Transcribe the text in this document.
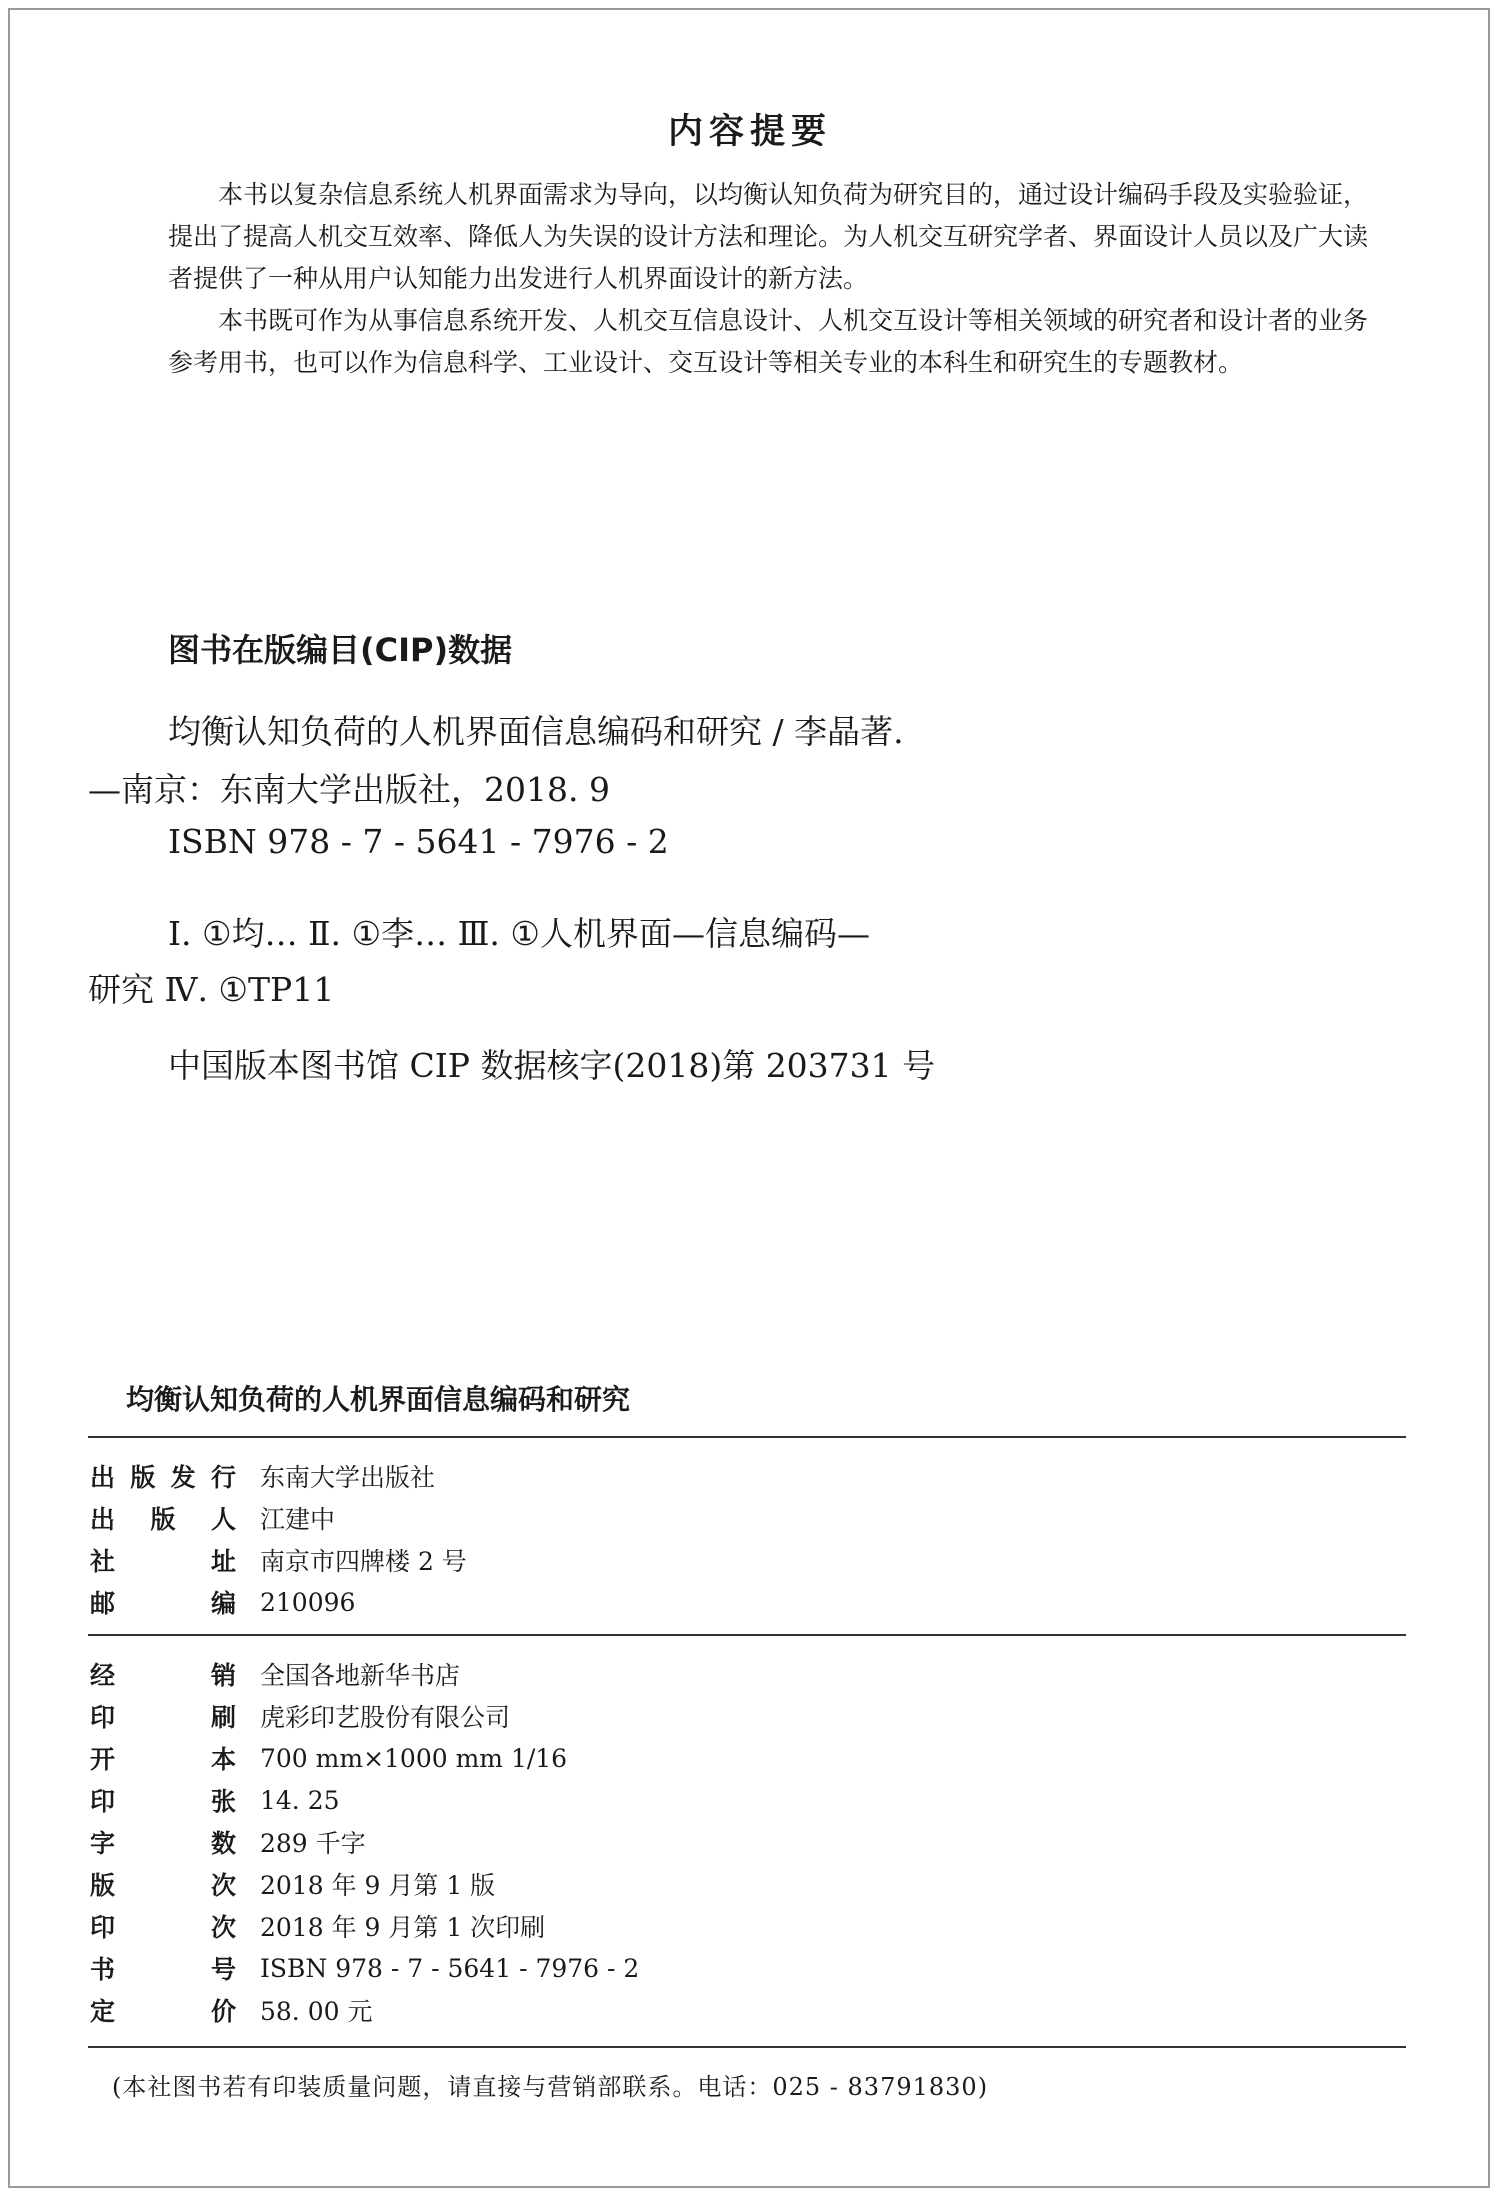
内容提要

本书以复杂信息系统人机界面需求为导向，以均衡认知负荷为研究目的，通过设计编码手段及实验验证，提出了提高人机交互效率、降低人为失误的设计方法和理论。为人机交互研究学者、界面设计人员以及广大读者提供了一种从用户认知能力出发进行人机界面设计的新方法。

本书既可作为从事信息系统开发、人机交互信息设计、人机交互设计等相关领域的研究者和设计者的业务参考用书，也可以作为信息科学、工业设计、交互设计等相关专业的本科生和研究生的专题教材。

图书在版编目(CIP)数据
均衡认知负荷的人机界面信息编码和研究 / 李晶著.
—南京：东南大学出版社，2018. 9
ISBN 978 - 7 - 5641 - 7976 - 2
Ⅰ. ①均… Ⅱ. ①李… Ⅲ. ①人机界面—信息编码—
研究 Ⅳ. ①TP11
中国版本图书馆 CIP 数据核字(2018)第 203731 号
均衡认知负荷的人机界面信息编码和研究
出版发行 东南大学出版社
出版人 江建中
社址 南京市四牌楼 2 号
邮编 210096
经销 全国各地新华书店
印刷 虎彩印艺股份有限公司
开本 700 mm×1000 mm 1/16
印张 14. 25
字数 289 千字
版次 2018 年 9 月第 1 版
印次 2018 年 9 月第 1 次印刷
书号 ISBN 978 - 7 - 5641 - 7976 - 2
定价 58. 00 元
(本社图书若有印装质量问题，请直接与营销部联系。电话：025 - 83791830)
